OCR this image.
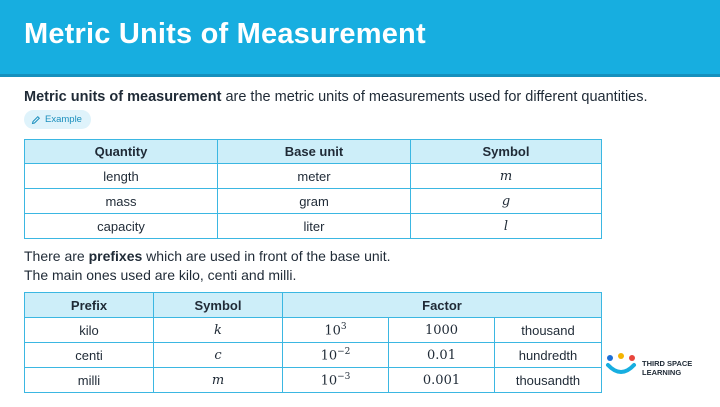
Metric Units of Measurement
Metric units of measurement are the metric units of measurements used for different quantities.
Example
Quantity	Base unit	Symbol
length	meter	m
mass	gram	g
capacity	liter	l
There are prefixes which are used in front of the base unit.
The main ones used are kilo, centi and milli.
Prefix	Symbol	Factor		
kilo	k	$10^3$	1000	thousand
centi	c	$10^{-2}$	0.01	hundredth
milli	m	$10^{-3}$	0.001	thousandth
THIRD SPACE
LEARNING
